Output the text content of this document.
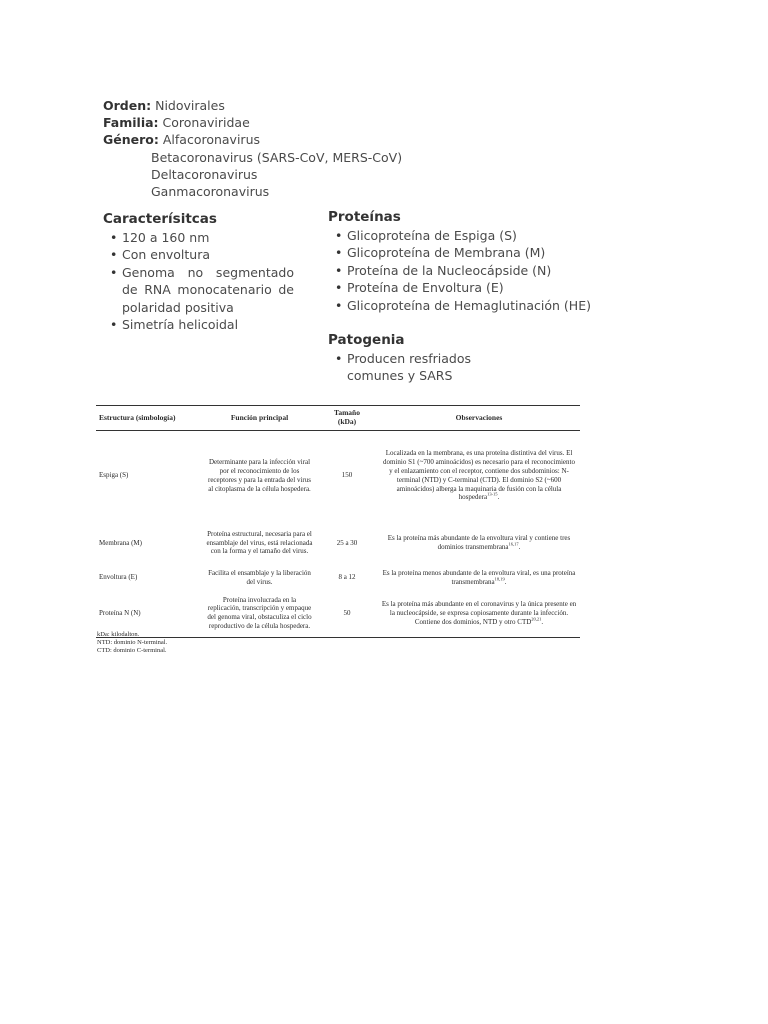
Orden: Nidovirales
Familia: Coronaviridae
Género: Alfacoronavirus
Betacoronavirus (SARS-CoV, MERS-CoV)
Deltacoronavirus
Ganmacoronavirus
Caracterísitcas
• 120 a 160 nm
• Con envoltura
• Genoma no segmentado de RNA monocatenario de polaridad positiva
• Simetría helicoidal
Proteínas
• Glicoproteína de Espiga (S)
• Glicoproteína de Membrana (M)
• Proteína de la Nucleocápside (N)
• Proteína de Envoltura (E)
• Glicoproteína de Hemaglutinación (HE)
Patogenia
• Producen resfriados comunes y SARS
Estructura (simbología)	Función principal	Tamaño (kDa)	Observaciones
Espiga (S)	Determinante para la infección viral por el reconocimiento de los receptores y para la entrada del virus al citoplasma de la célula hospedera.	150	Localizada en la membrana, es una proteína distintiva del virus. El dominio S1 (~700 aminoácidos) es necesario para el reconocimiento y el enlazamiento con el receptor, contiene dos subdominios: N-terminal (NTD) y C-terminal (CTD). El dominio S2 (~600 aminoácidos) alberga la maquinaria de fusión con la célula hospedera$^{13-15}$.
Membrana (M)	Proteína estructural, necesaria para el ensamblaje del virus, está relacionada con la forma y el tamaño del virus.	25 a 30	Es la proteína más abundante de la envoltura viral y contiene tres dominios transmembrana$^{16,17}$.
Envoltura (E)	Facilita el ensamblaje y la liberación del virus.	8 a 12	Es la proteína menos abundante de la envoltura viral, es una proteína transmembrana$^{18,19}$.
Proteína N (N)	Proteína involucrada en la replicación, transcripción y empaque del genoma viral, obstaculiza el ciclo reproductivo de la célula hospedera.	50	Es la proteína más abundante en el coronavirus y la única presente en la nucleocápside, se expresa copiosamente durante la infección. Contiene dos dominios, NTD y otro CTD$^{20,21}$.
kDa: kilodalton.
NTD: dominio N-terminal.
CTD: dominio C-terminal.
